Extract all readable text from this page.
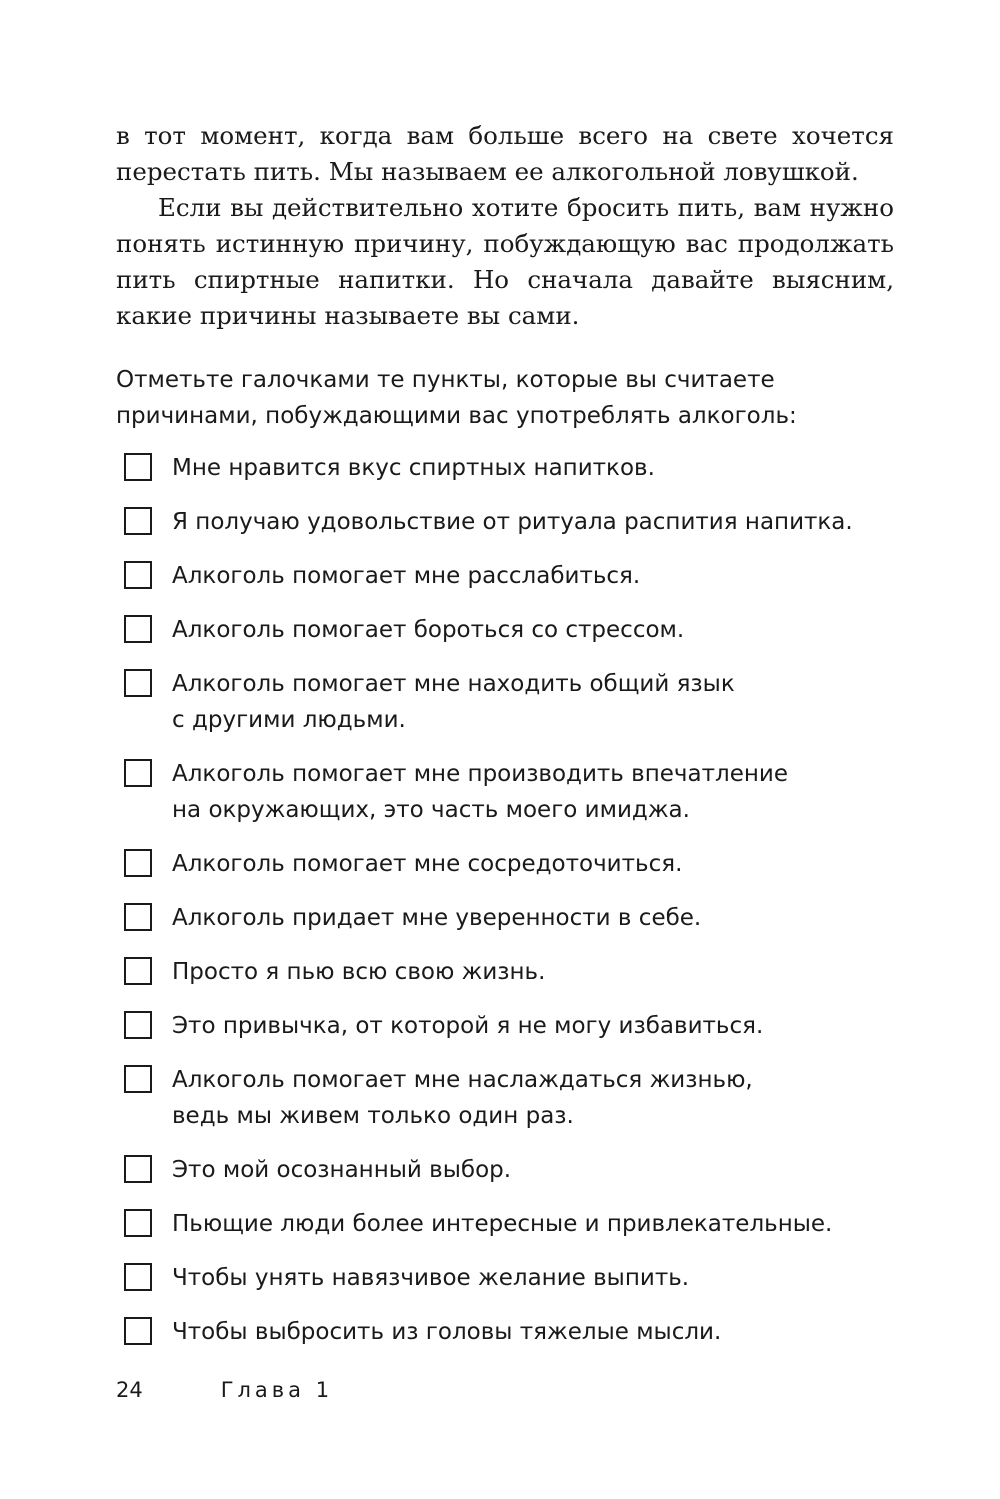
в тот момент, когда вам больше всего на свете хочется перестать пить. Мы называем ее алкогольной ловушкой.

Если вы действительно хотите бросить пить, вам нужно понять истинную причину, побуждающую вас продолжать пить спиртные напитки. Но сначала давайте выясним, какие причины называете вы сами.

Отметьте галочками те пункты, которые вы считаете
причинами, побуждающими вас употреблять алкоголь:
Мне нравится вкус спиртных напитков.
Я получаю удовольствие от ритуала распития напитка.
Алкоголь помогает мне расслабиться.
Алкоголь помогает бороться со стрессом.
Алкоголь помогает мне находить общий язык
с другими людьми.
Алкоголь помогает мне производить впечатление
на окружающих, это часть моего имиджа.
Алкоголь помогает мне сосредоточиться.
Алкоголь придает мне уверенности в себе.
Просто я пью всю свою жизнь.
Это привычка, от которой я не могу избавиться.
Алкоголь помогает мне наслаждаться жизнью,
ведь мы живем только один раз.
Это мой осознанный выбор.
Пьющие люди более интересные и привлекательные.
Чтобы унять навязчивое желание выпить.
Чтобы выбросить из головы тяжелые мысли.
24	Глава 1
